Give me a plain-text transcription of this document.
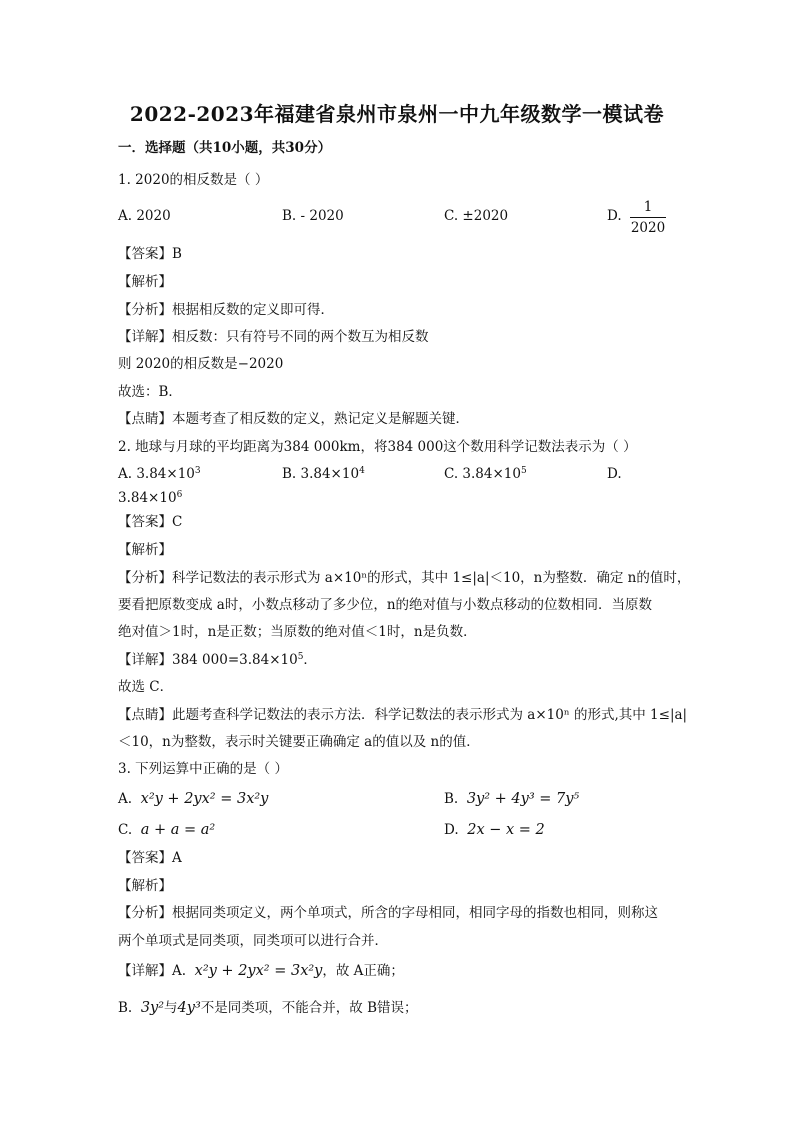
2022-2023年福建省泉州市泉州一中九年级数学一模试卷
一．选择题（共10小题，共30分）
1. 2020的相反数是（ ）
A. 2020	B. - 2020	C. ±2020	D.
1
2020
【答案】B
【解析】
【分析】根据相反数的定义即可得．
【详解】相反数：只有符号不同的两个数互为相反数
则 2020的相反数是−2020
故选：B．
【点睛】本题考查了相反数的定义，熟记定义是解题关键．
2. 地球与月球的平均距离为384 000km，将384 000这个数用科学记数法表示为（ ）
A. $3.84\times 10^3$	B. $3.84\times 10^4$	C. $3.84\times 10^5$	D.
$3.84\times 10^6$
【答案】C
【解析】
【分析】科学记数法的表示形式为 a×10ⁿ的形式，其中 1≤|a|＜10，n为整数．确定 n的值时，
要看把原数变成 a时，小数点移动了多少位，n的绝对值与小数点移动的位数相同．当原数
绝对值＞1时，n是正数；当原数的绝对值＜1时，n是负数．
【详解】384 $000=3.84\times 10^5$．
故选 C．
【点睛】此题考查科学记数法的表示方法．科学记数法的表示形式为 a×10ⁿ 的形式,其中 1≤|a|
＜10，n为整数，表示时关键要正确确定 a的值以及 n的值．
3. 下列运算中正确的是（ ）
A. x²y + 2yx² = 3x²y	B. 3y² + 4y³ = 7y⁵
C. a + a = a²	D. 2x − x = 2
【答案】A
【解析】
【分析】根据同类项定义，两个单项式，所含的字母相同，相同字母的指数也相同，则称这
两个单项式是同类项，同类项可以进行合并．
【详解】A. x²y + 2yx² = 3x²y，故 A正确；
B. 3y²与4y³不是同类项，不能合并，故 B错误；
